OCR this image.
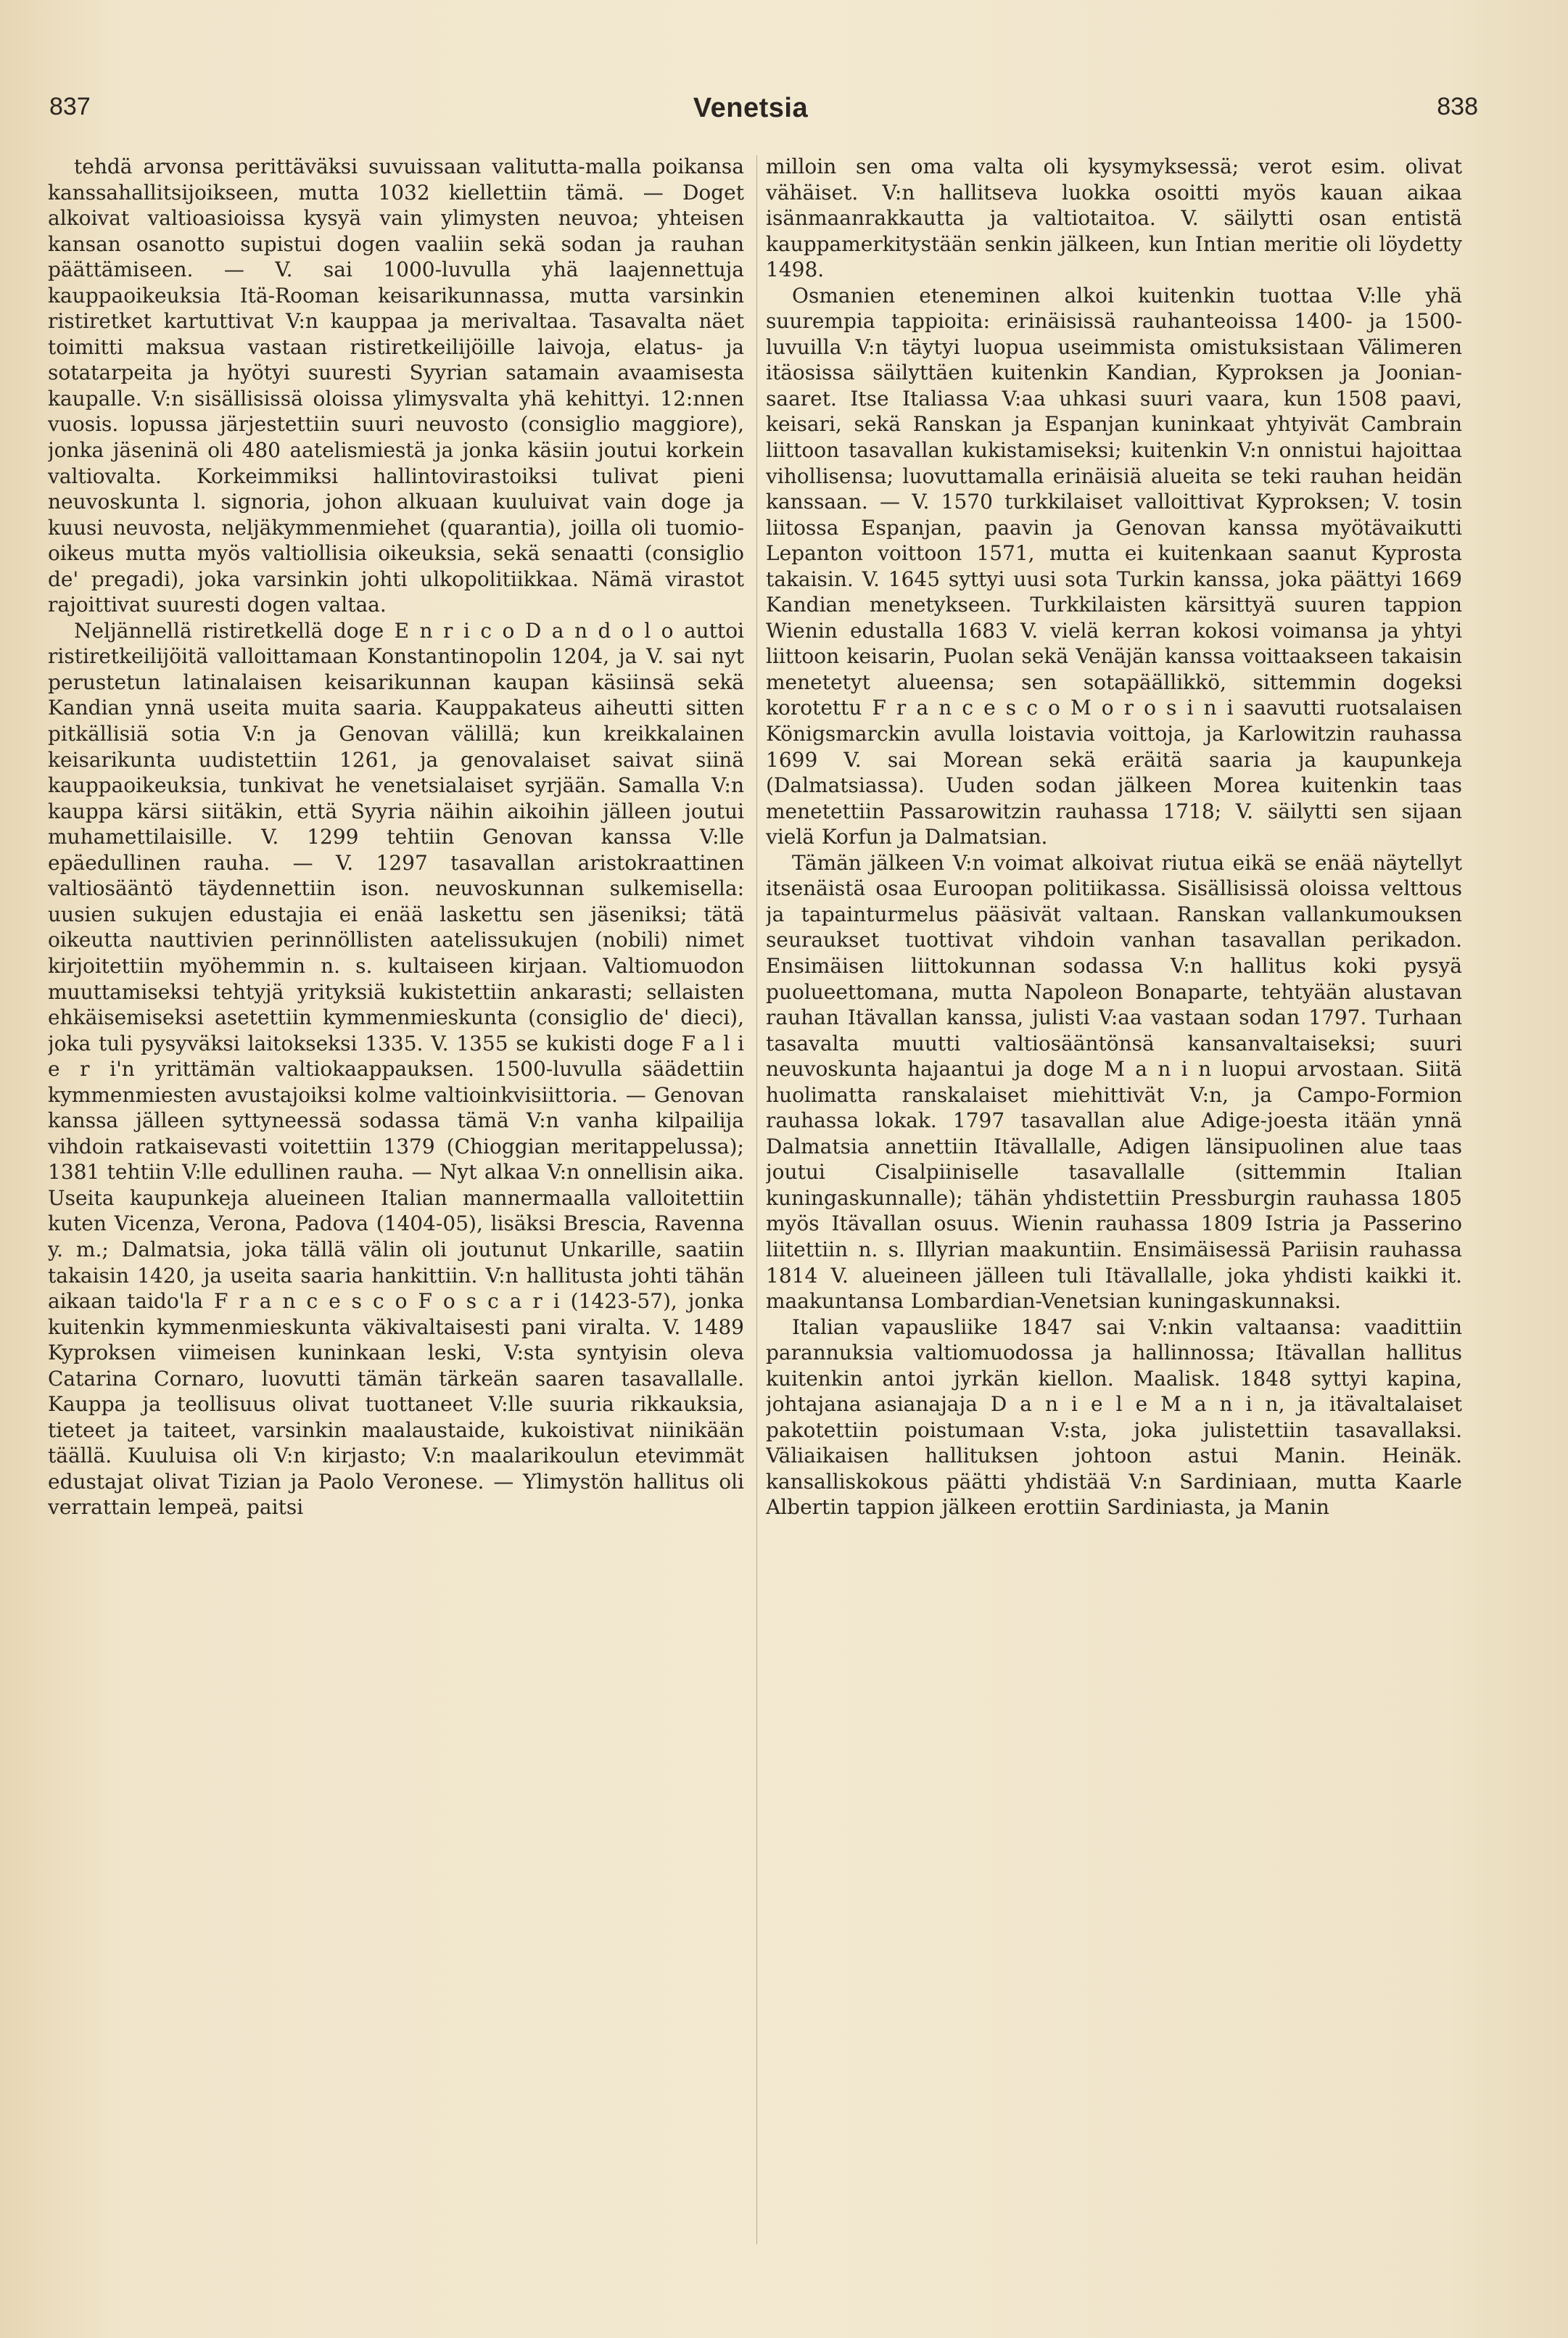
837	Venetsia	838

tehdä arvonsa perittäväksi suvuissaan valitutta-malla poikansa kanssahallitsijoikseen, mutta 1032 kiellettiin tämä. — Doget alkoivat valtioasioissa kysyä vain ylimysten neuvoa; yhteisen kansan osanotto supistui dogen vaaliin sekä sodan ja rauhan päättämiseen. — V. sai 1000-luvulla yhä laajennettuja kauppaoikeuksia Itä-Rooman keisarikunnassa, mutta varsinkin ristiretket kartuttivat V:n kauppaa ja merivaltaa. Tasavalta näet toimitti maksua vastaan ristiretkeilijöille laivoja, elatus- ja sotatarpeita ja hyötyi suuresti Syyrian satamain avaamisesta kaupalle. V:n sisällisissä oloissa ylimysvalta yhä kehittyi. 12:nnen vuosis. lopussa järjestettiin suuri neuvosto (consiglio maggiore), jonka jäseninä oli 480 aatelismiestä ja jonka käsiin joutui korkein valtiovalta. Korkeimmiksi hallintovirastoiksi tulivat pieni neuvoskunta l. signoria, johon alkuaan kuuluivat vain doge ja kuusi neuvosta, neljäkymmenmiehet (quarantia), joilla oli tuomio-oikeus mutta myös valtiollisia oikeuksia, sekä senaatti (consiglio de' pregadi), joka varsinkin johti ulkopolitiikkaa. Nämä virastot rajoittivat suuresti dogen valtaa.

Neljännellä ristiretkellä doge E n r i c o D a n d o l o auttoi ristiretkeilijöitä valloittamaan Konstantinopolin 1204, ja V. sai nyt perustetun latinalaisen keisarikunnan kaupan käsiinsä sekä Kandian ynnä useita muita saaria. Kauppakateus aiheutti sitten pitkällisiä sotia V:n ja Genovan välillä; kun kreikkalainen keisarikunta uudistettiin 1261, ja genovalaiset saivat siinä kauppaoikeuksia, tunkivat he venetsialaiset syrjään. Samalla V:n kauppa kärsi siitäkin, että Syyria näihin aikoihin jälleen joutui muhamettilaisille. V. 1299 tehtiin Genovan kanssa V:lle epäedullinen rauha. — V. 1297 tasavallan aristokraattinen valtiosääntö täydennettiin ison. neuvoskunnan sulkemisella: uusien sukujen edustajia ei enää laskettu sen jäseniksi; tätä oikeutta nauttivien perinnöllisten aatelissukujen (nobili) nimet kirjoitettiin myöhemmin n. s. kultaiseen kirjaan. Valtiomuodon muuttamiseksi tehtyjä yrityksiä kukistettiin ankarasti; sellaisten ehkäisemiseksi asetettiin kymmenmieskunta (consiglio de' dieci), joka tuli pysyväksi laitokseksi 1335. V. 1355 se kukisti doge F a l i e r i'n yrittämän valtiokaappauksen. 1500-luvulla säädettiin kymmenmiesten avustajoiksi kolme valtioinkvisiittoria. — Genovan kanssa jälleen syttyneessä sodassa tämä V:n vanha kilpailija vihdoin ratkaisevasti voitettiin 1379 (Chioggian meritappelussa); 1381 tehtiin V:lle edullinen rauha. — Nyt alkaa V:n onnellisin aika. Useita kaupunkeja alueineen Italian mannermaalla valloitettiin kuten Vicenza, Verona, Padova (1404-05), lisäksi Brescia, Ravenna y. m.; Dalmatsia, joka tällä välin oli joutunut Unkarille, saatiin takaisin 1420, ja useita saaria hankittiin. V:n hallitusta johti tähän aikaan taido'la F r a n c e s c o F o s c a r i (1423-57), jonka kuitenkin kymmenmieskunta väkivaltaisesti pani viralta. V. 1489 Kyproksen viimeisen kuninkaan leski, V:sta syntyisin oleva Catarina Cornaro, luovutti tämän tärkeän saaren tasavallalle. Kauppa ja teollisuus olivat tuottaneet V:lle suuria rikkauksia, tieteet ja taiteet, varsinkin maalaustaide, kukoistivat niinikään täällä. Kuuluisa oli V:n kirjasto; V:n maalarikoulun etevimmät edustajat olivat Tizian ja Paolo Veronese. — Ylimystön hallitus oli verrattain lempeä, paitsi

milloin sen oma valta oli kysymyksessä; verot esim. olivat vähäiset. V:n hallitseva luokka osoitti myös kauan aikaa isänmaanrakkautta ja valtiotaitoa. V. säilytti osan entistä kauppamerkitystään senkin jälkeen, kun Intian meritie oli löydetty 1498.

Osmanien eteneminen alkoi kuitenkin tuottaa V:lle yhä suurempia tappioita: erinäisissä rauhanteoissa 1400- ja 1500-luvuilla V:n täytyi luopua useimmista omistuksistaan Välimeren itäosissa säilyttäen kuitenkin Kandian, Kyproksen ja Joonian-saaret. Itse Italiassa V:aa uhkasi suuri vaara, kun 1508 paavi, keisari, sekä Ranskan ja Espanjan kuninkaat yhtyivät Cambrain liittoon tasavallan kukistamiseksi; kuitenkin V:n onnistui hajoittaa vihollisensa; luovuttamalla erinäisiä alueita se teki rauhan heidän kanssaan. — V. 1570 turkkilaiset valloittivat Kyproksen; V. tosin liitossa Espanjan, paavin ja Genovan kanssa myötävaikutti Lepanton voittoon 1571, mutta ei kuitenkaan saanut Kyprosta takaisin. V. 1645 syttyi uusi sota Turkin kanssa, joka päättyi 1669 Kandian menetykseen. Turkkilaisten kärsittyä suuren tappion Wienin edustalla 1683 V. vielä kerran kokosi voimansa ja yhtyi liittoon keisarin, Puolan sekä Venäjän kanssa voittaakseen takaisin menetetyt alueensa; sen sotapäällikkö, sittemmin dogeksi korotettu F r a n c e s c o M o r o s i n i saavutti ruotsalaisen Königsmarckin avulla loistavia voittoja, ja Karlowitzin rauhassa 1699 V. sai Morean sekä eräitä saaria ja kaupunkeja (Dalmatsiassa). Uuden sodan jälkeen Morea kuitenkin taas menetettiin Passarowitzin rauhassa 1718; V. säilytti sen sijaan vielä Korfun ja Dalmatsian.

Tämän jälkeen V:n voimat alkoivat riutua eikä se enää näytellyt itsenäistä osaa Euroopan politiikassa. Sisällisissä oloissa velttous ja tapainturmelus pääsivät valtaan. Ranskan vallankumouksen seuraukset tuottivat vihdoin vanhan tasavallan perikadon. Ensimäisen liittokunnan sodassa V:n hallitus koki pysyä puolueettomana, mutta Napoleon Bonaparte, tehtyään alustavan rauhan Itävallan kanssa, julisti V:aa vastaan sodan 1797. Turhaan tasavalta muutti valtiosääntönsä kansanvaltaiseksi; suuri neuvoskunta hajaantui ja doge M a n i n luopui arvostaan. Siitä huolimatta ranskalaiset miehittivät V:n, ja Campo-Formion rauhassa lokak. 1797 tasavallan alue Adige-joesta itään ynnä Dalmatsia annettiin Itävallalle, Adigen länsipuolinen alue taas joutui Cisalpiiniselle tasavallalle (sittemmin Italian kuningaskunnalle); tähän yhdistettiin Pressburgin rauhassa 1805 myös Itävallan osuus. Wienin rauhassa 1809 Istria ja Passerino liitettiin n. s. Illyrian maakuntiin. Ensimäisessä Pariisin rauhassa 1814 V. alueineen jälleen tuli Itävallalle, joka yhdisti kaikki it. maakuntansa Lombardian-Venetsian kuningaskunnaksi.

Italian vapausliike 1847 sai V:nkin valtaansa: vaadittiin parannuksia valtiomuodossa ja hallinnossa; Itävallan hallitus kuitenkin antoi jyrkän kiellon. Maalisk. 1848 syttyi kapina, johtajana asianajaja D a n i e l e M a n i n, ja itävaltalaiset pakotettiin poistumaan V:sta, joka julistettiin tasavallaksi. Väliaikaisen hallituksen johtoon astui Manin. Heinäk. kansalliskokous päätti yhdistää V:n Sardiniaan, mutta Kaarle Albertin tappion jälkeen erottiin Sardiniasta, ja Manin
